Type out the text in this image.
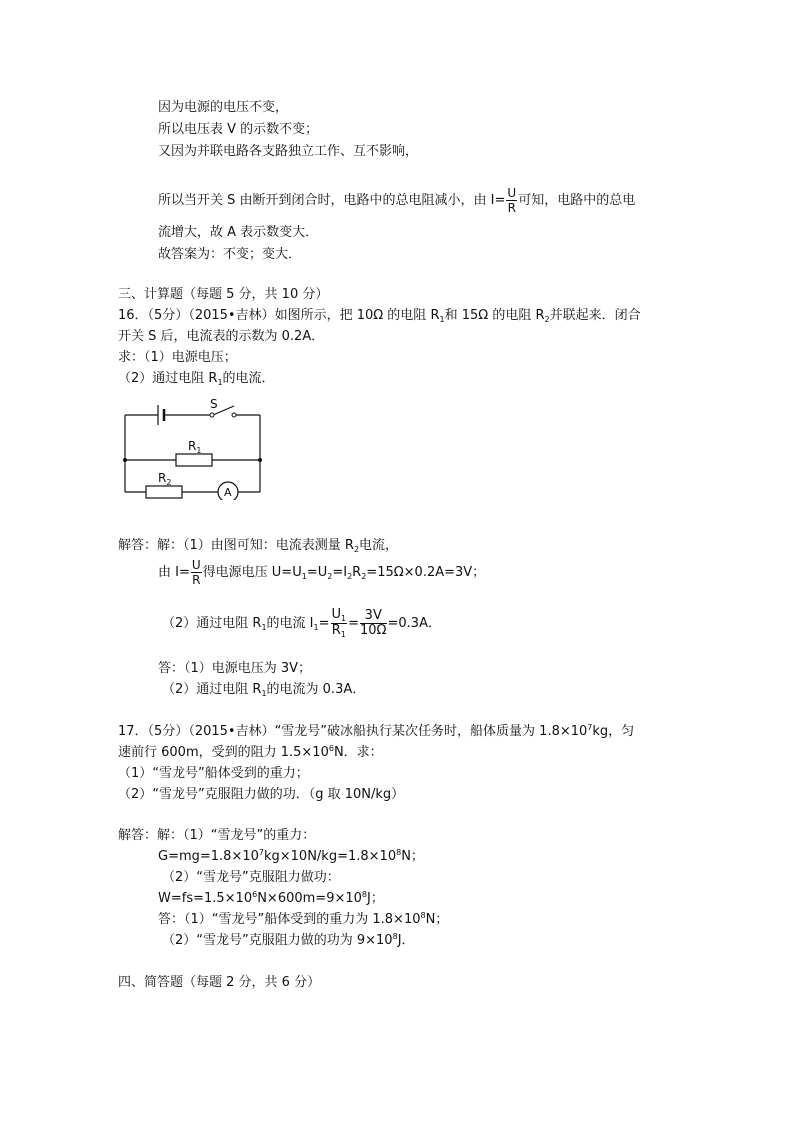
因为电源的电压不变，
所以电压表 V 的示数不变；
又因为并联电路各支路独立工作、互不影响，
所以当开关 S 由断开到闭合时，电路中的总电阻减小，由 $I= \frac{U}{R}$ 可知，电路中的总电
流增大，故 A 表示数变大．
故答案为：不变；变大．
三、计算题（每题 5 分，共 10 分）
16．（5分）（2015•吉林）如图所示，把 10Ω 的电阻 $R_1$和 15Ω 的电阻 $R_2$并联起来．闭合
开关 S 后，电流表的示数为 0.2A．
求：（1）电源电压；
（2）通过电阻 $R_1$的电流．
S
$R_1$
$R_2$
A
解答：解：（1）由图可知：电流表测量 $R_2$电流，
由 $I= \frac{U}{R}$ 得电源电压 $U=U_1=U_2=I_2R_2=15\Omega\times 0.2A=3V$；
（2）通过电阻 $R_1$的电流 $I_1= \frac{U_1}{R_1} = \frac{3V}{10\Omega} =0.3A$．
答：（1）电源电压为 3V；
（2）通过电阻 $R_1$的电流为 0.3A．
17．（5分）（2015•吉林）“雪龙号”破冰船执行某次任务时，船体质量为 $1.8\times 10^7kg$，匀
速前行 600m，受到的阻力 $1.5\times 10^6N$．求：
（1）“雪龙号”船体受到的重力；
（2）“雪龙号”克服阻力做的功．（g 取 10N/kg）
解答：解：（1）“雪龙号”的重力：
$G=mg=1.8\times 10^7kg\times 10N/kg=1.8\times 10^8N$；
（2）“雪龙号”克服阻力做功：
$W=fs=1.5\times 10^6N\times 600m=9\times 10^8J$；
答：（1）“雪龙号”船体受到的重力为 $1.8\times 10^8N$；
（2）“雪龙号”克服阻力做的功为 $9\times 10^8J$．
四、简答题（每题 2 分，共 6 分）
